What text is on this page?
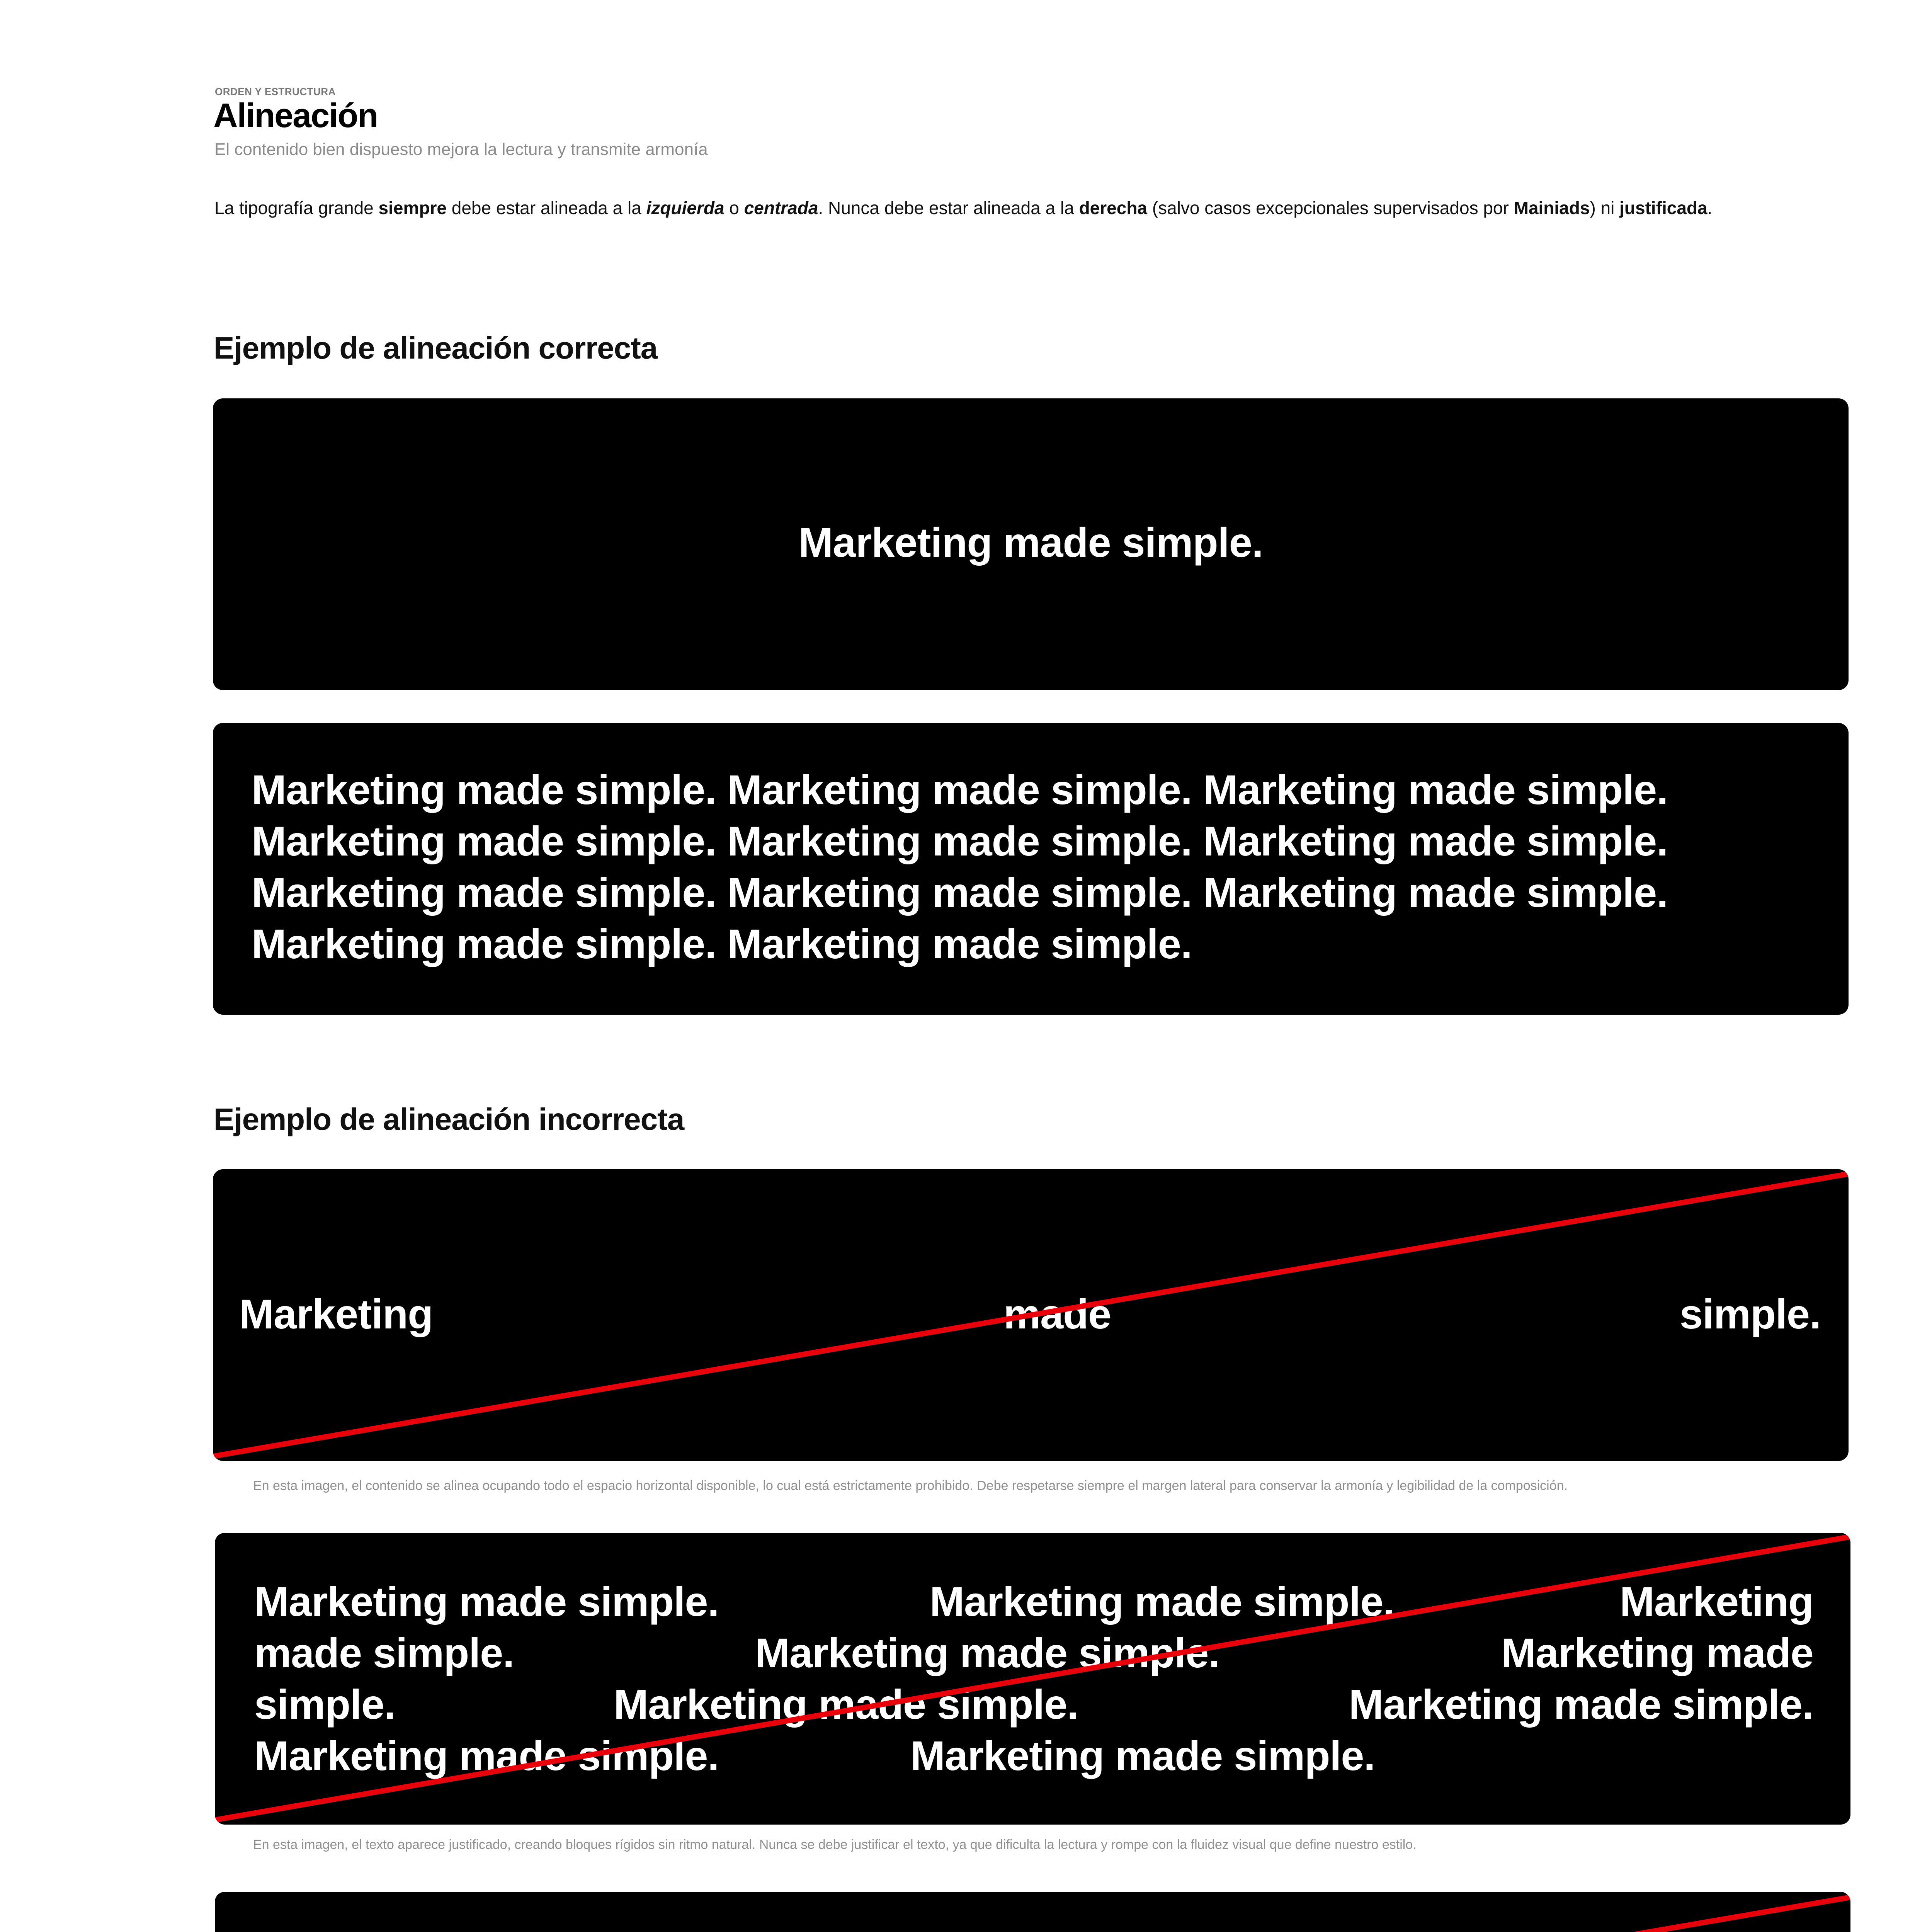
ORDEN Y ESTRUCTURA
Alineación
El contenido bien dispuesto mejora la lectura y transmite armonía
La tipografía grande siempre debe estar alineada a la izquierda o centrada. Nunca debe estar alineada a la derecha (salvo casos excepcionales supervisados por Mainiads) ni justificada.
Ejemplo de alineación correcta
Marketing made simple.
Marketing made simple. Marketing made simple. Marketing made simple.
Marketing made simple. Marketing made simple. Marketing made simple.
Marketing made simple. Marketing made simple. Marketing made simple.
Marketing made simple. Marketing made simple.
Ejemplo de alineación incorrecta
Marketing	made	simple.
En esta imagen, el contenido se alinea ocupando todo el espacio horizontal disponible, lo cual está estrictamente prohibido. Debe respetarse siempre el margen lateral para conservar la armonía y legibilidad de la composición.
Marketing made simple.	Marketing made simple.	Marketing
made simple.	Marketing made simple.	Marketing made
simple.	Marketing made simple.	Marketing made simple.
Marketing made simple.	Marketing made simple.
En esta imagen, el texto aparece justificado, creando bloques rígidos sin ritmo natural. Nunca se debe justificar el texto, ya que dificulta la lectura y rompe con la fluidez visual que define nuestro estilo.
